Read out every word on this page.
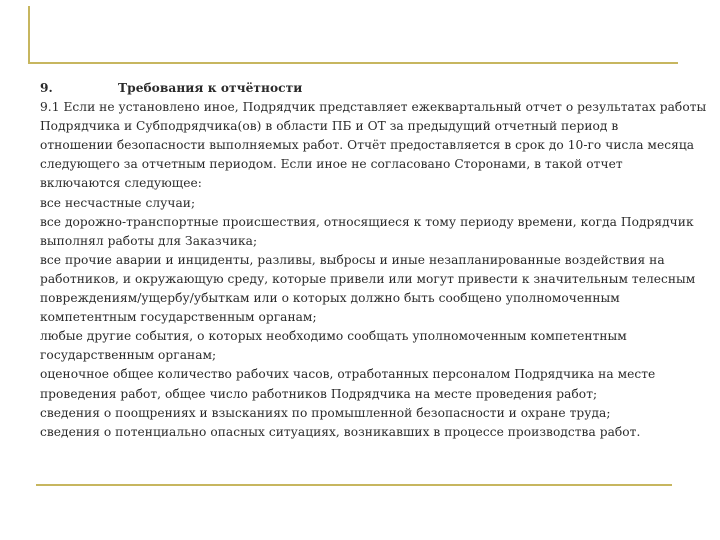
9.	Требования к отчётности
9.1 Если не установлено иное, Подрядчик представляет ежеквартальный отчет о результатах работы
Подрядчика и Субподрядчика(ов) в области ПБ и ОТ за предыдущий отчетный период в
отношении безопасности выполняемых работ. Отчёт предоставляется в срок до 10-го числа месяца
следующего за отчетным периодом. Если иное не согласовано Сторонами, в такой отчет
включаются следующее:
все несчастные случаи;
все дорожно-транспортные происшествия, относящиеся к тому периоду времени, когда Подрядчик
выполнял работы для Заказчика;
все прочие аварии и инциденты, разливы, выбросы и иные незапланированные воздействия на
работников, и окружающую среду, которые привели или могут привести к значительным телесным
повреждениям/ущербу/убыткам или о которых должно быть сообщено уполномоченным
компетентным государственным органам;
любые другие события, о которых необходимо сообщать уполномоченным компетентным
государственным органам;
оценочное общее количество рабочих часов, отработанных персоналом Подрядчика на месте
проведения работ, общее число работников Подрядчика на месте проведения работ;
сведения о поощрениях и взысканиях по промышленной безопасности и охране труда;
сведения о потенциально опасных ситуациях, возникавших в процессе производства работ.
